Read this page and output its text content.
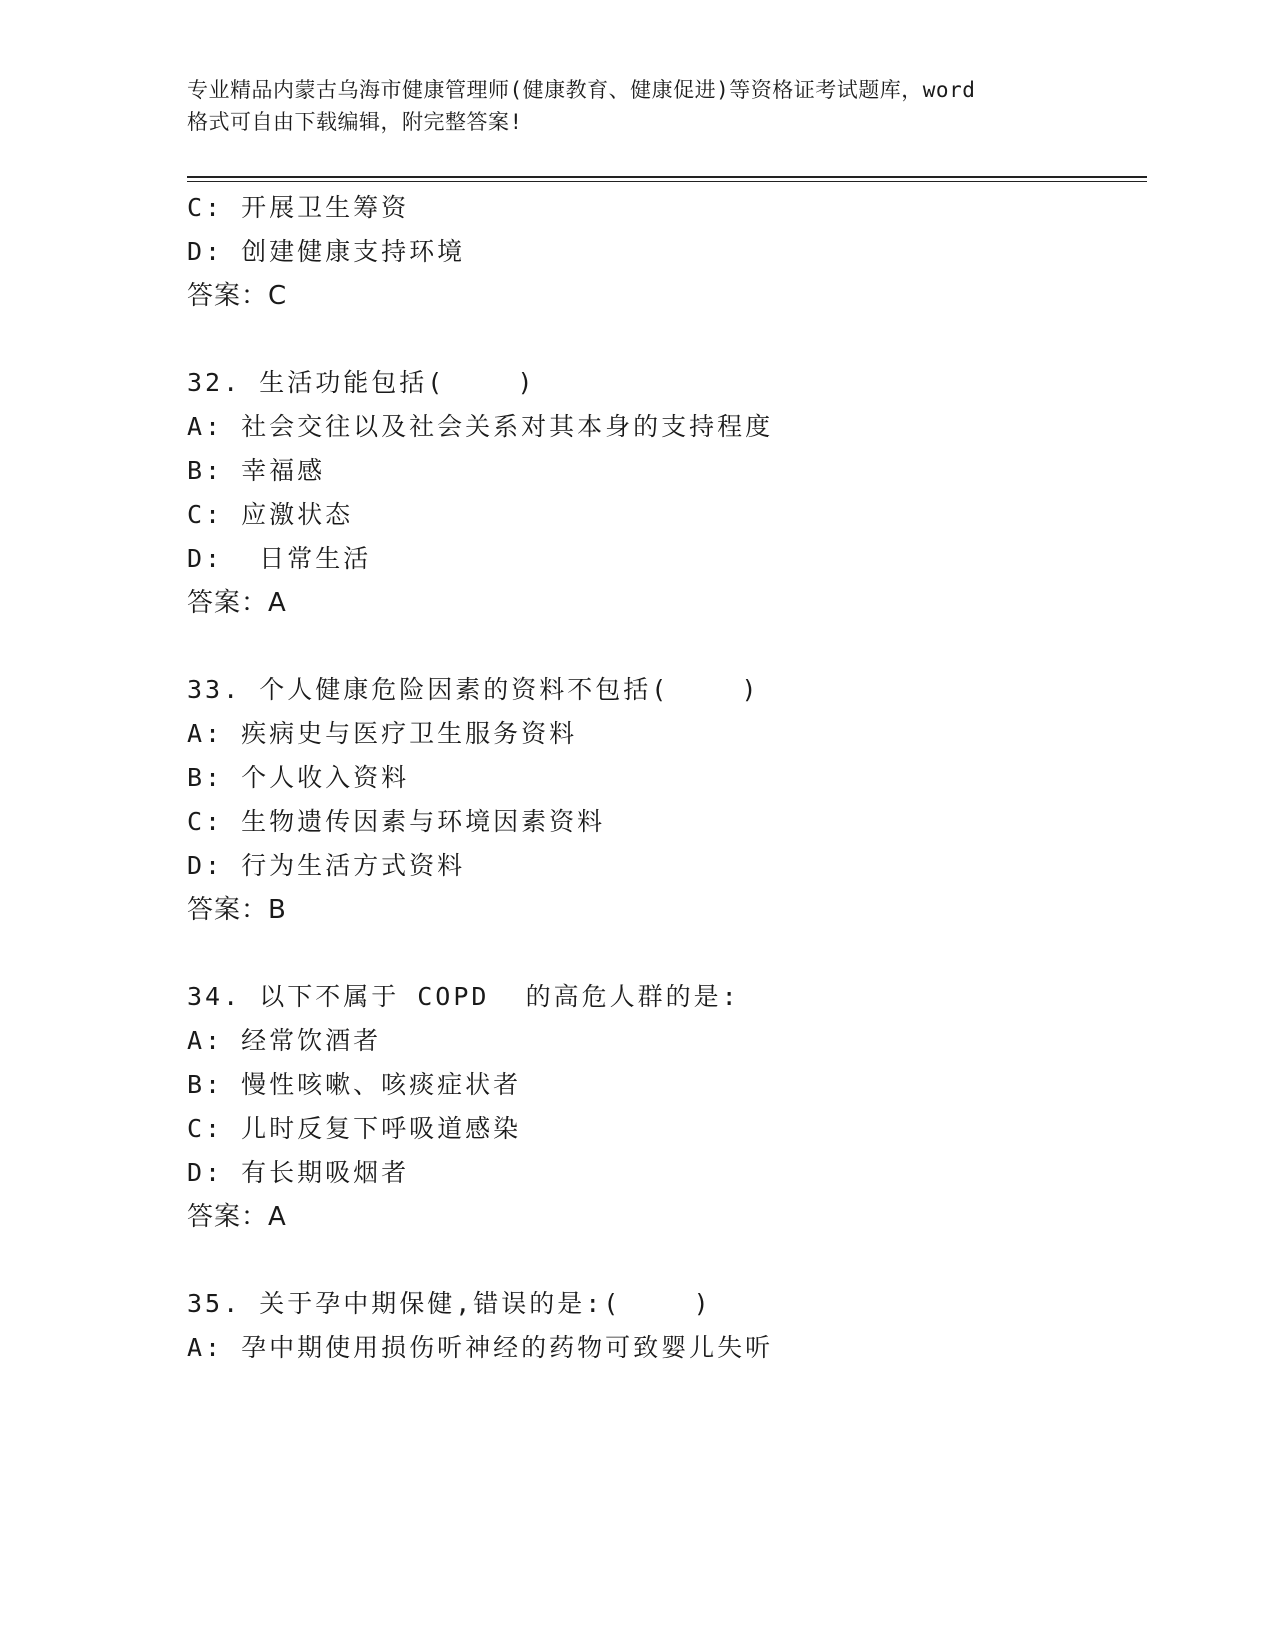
专业精品内蒙古乌海市健康管理师(健康教育、健康促进)等资格证考试题库，word
格式可自由下载编辑，附完整答案!
C: 开展卫生筹资
D: 创建健康支持环境
答案：C
32. 生活功能包括(    )
A: 社会交往以及社会关系对其本身的支持程度
B: 幸福感
C: 应激状态
D:  日常生活
答案：A
33. 个人健康危险因素的资料不包括(    )
A: 疾病史与医疗卫生服务资料
B: 个人收入资料
C: 生物遗传因素与环境因素资料
D: 行为生活方式资料
答案：B
34. 以下不属于 COPD  的高危人群的是:
A: 经常饮酒者
B: 慢性咳嗽、咳痰症状者
C: 儿时反复下呼吸道感染
D: 有长期吸烟者
答案：A
35. 关于孕中期保健,错误的是:(    )
A: 孕中期使用损伤听神经的药物可致婴儿失听
